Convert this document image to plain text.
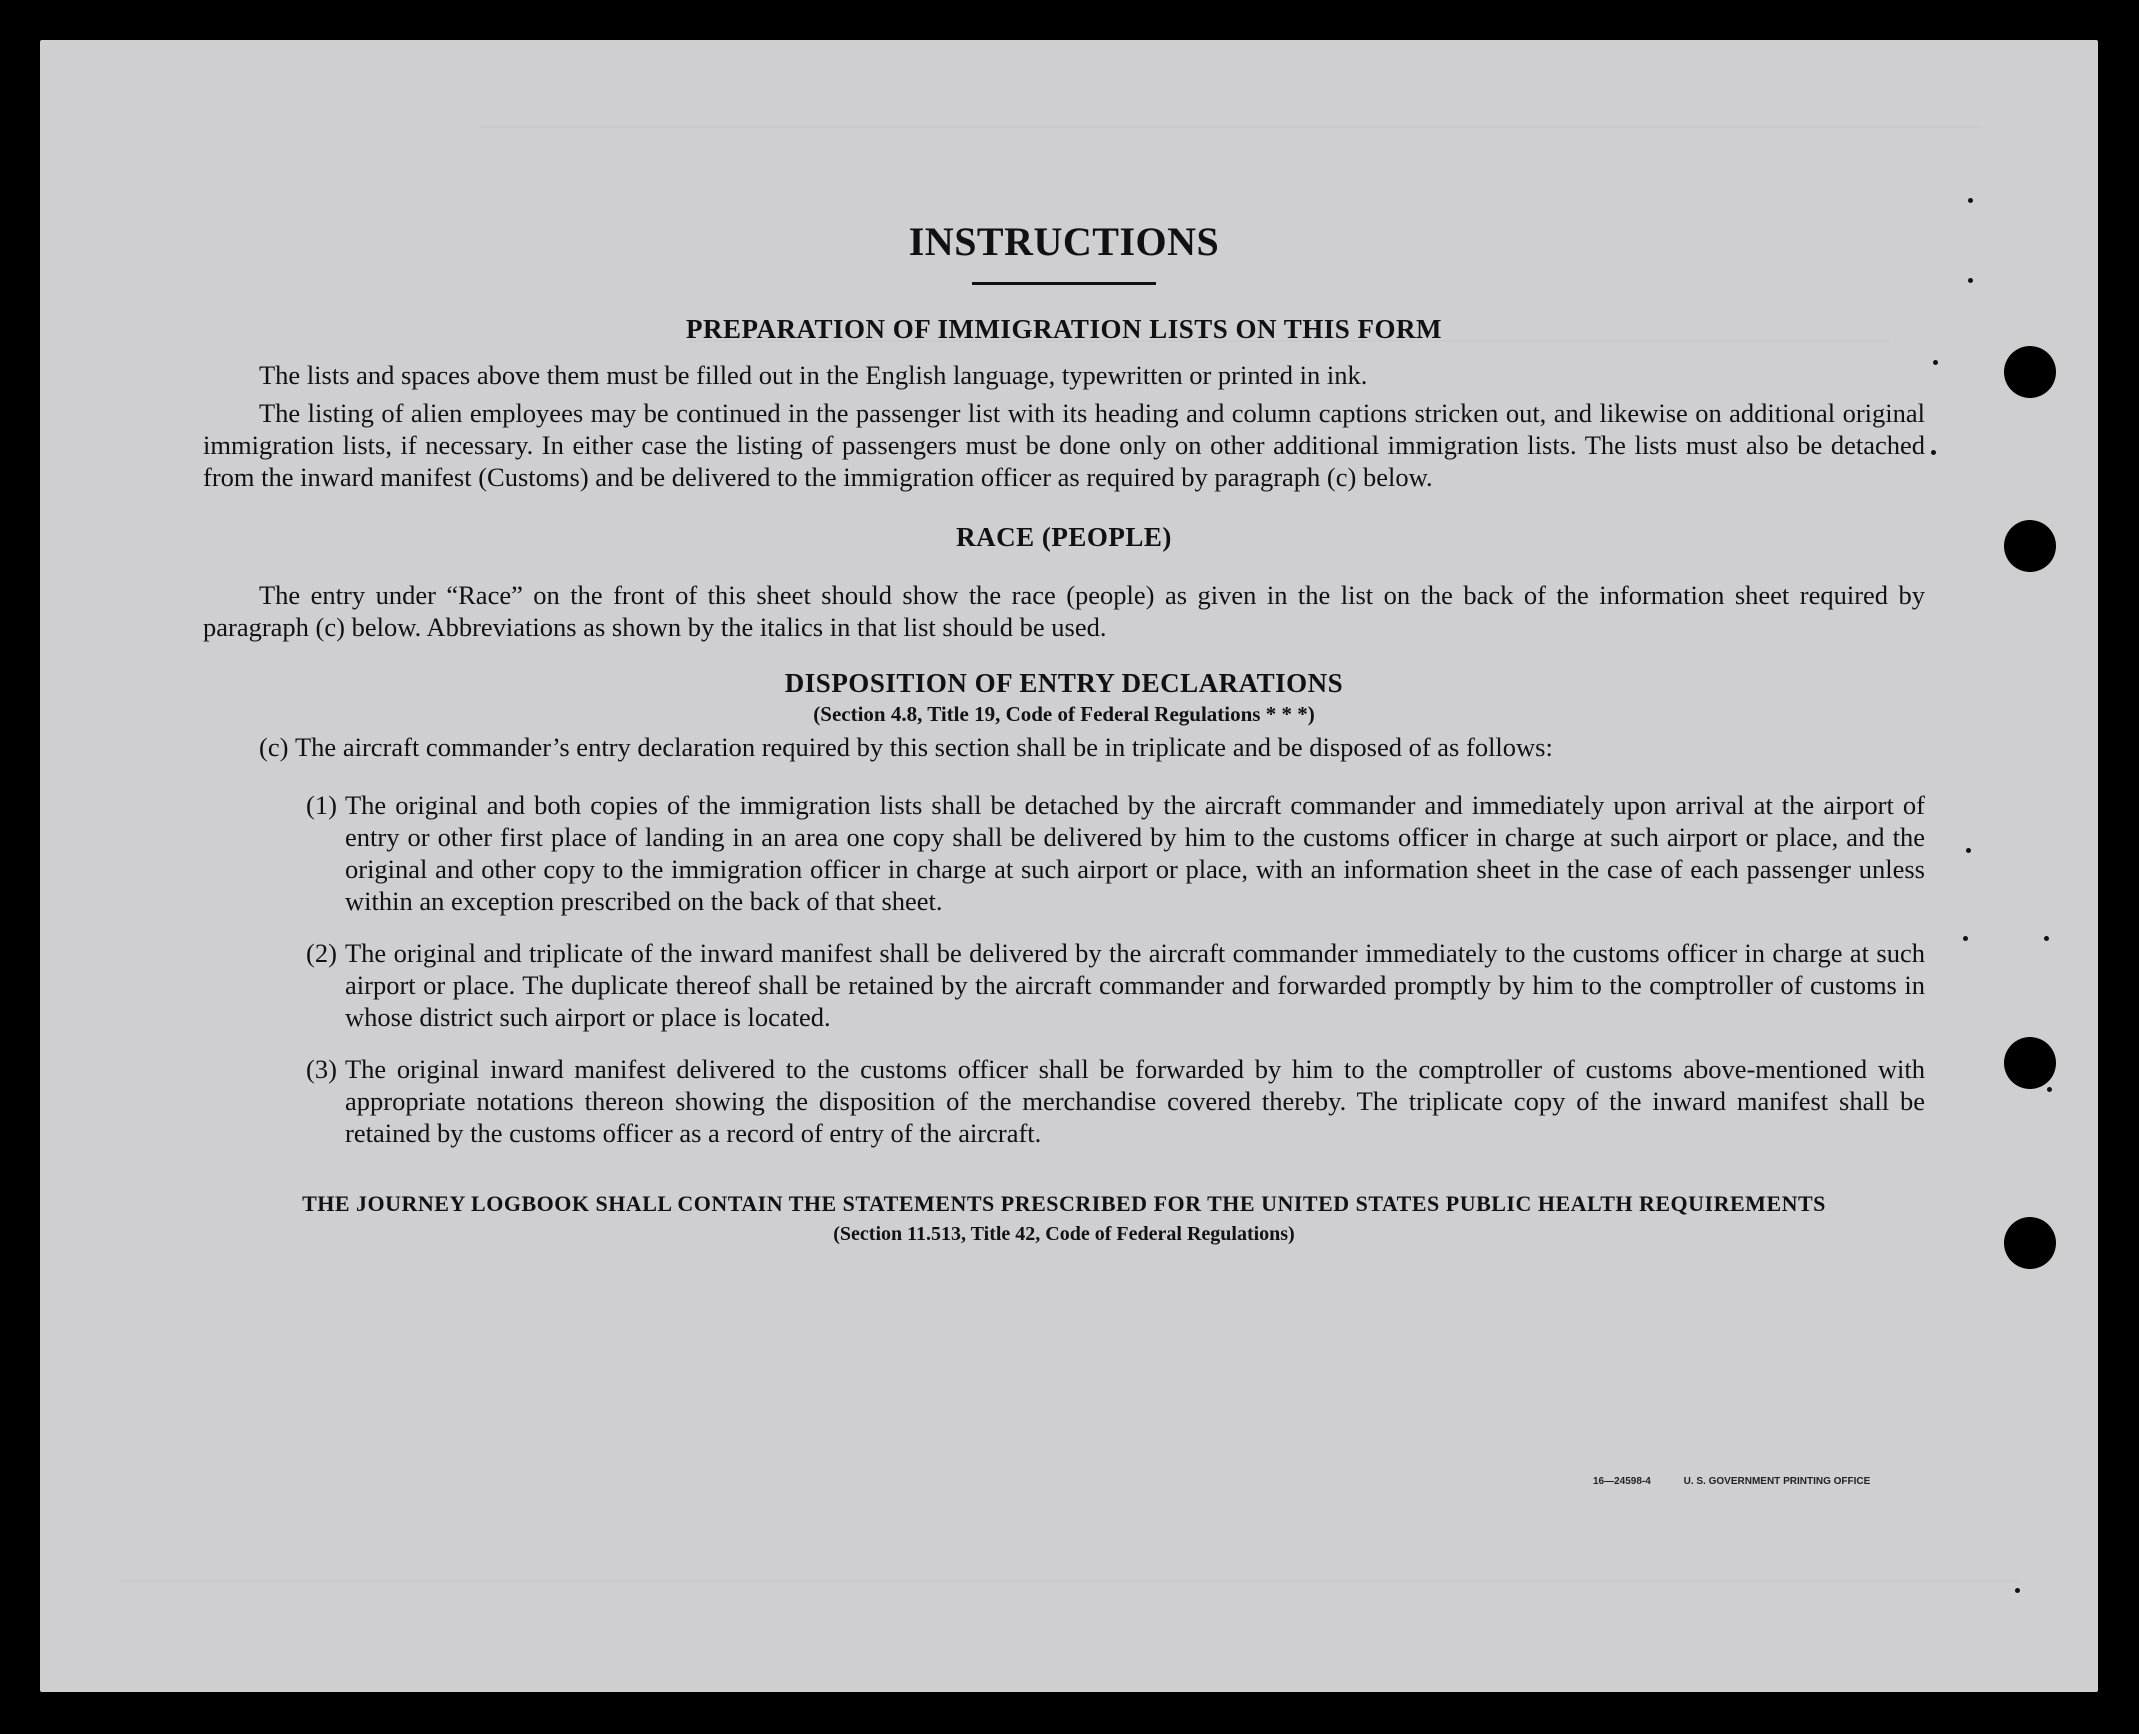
16—24598-4	U. S. GOVERNMENT PRINTING OFFICE
INSTRUCTIONS
PREPARATION OF IMMIGRATION LISTS ON THIS FORM

The lists and spaces above them must be filled out in the English language, typewritten or printed in ink.

The listing of alien employees may be continued in the passenger list with its heading and column captions stricken out, and likewise on additional original immigration lists, if necessary. In either case the listing of passengers must be done only on other additional immigration lists. The lists must also be detached from the inward manifest (Customs) and be delivered to the immigration officer as required by paragraph (c) below.

RACE (PEOPLE)

The entry under “Race” on the front of this sheet should show the race (people) as given in the list on the back of the information sheet required by paragraph (c) below. Abbreviations as shown by the italics in that list should be used.

DISPOSITION OF ENTRY DECLARATIONS
(Section 4.8, Title 19, Code of Federal Regulations * * *)
(c) The aircraft commander’s entry declaration required by this section shall be in triplicate and be disposed of as follows:
(1) The original and both copies of the immigration lists shall be detached by the aircraft commander and immediately upon arrival at the airport of entry or other first place of landing in an area one copy shall be delivered by him to the customs officer in charge at such airport or place, and the original and other copy to the immigration officer in charge at such airport or place, with an information sheet in the case of each passenger unless within an exception prescribed on the back of that sheet.
(2) The original and triplicate of the inward manifest shall be delivered by the aircraft commander immediately to the customs officer in charge at such airport or place. The duplicate thereof shall be retained by the aircraft commander and forwarded promptly by him to the comptroller of customs in whose district such airport or place is located.
(3) The original inward manifest delivered to the customs officer shall be forwarded by him to the comptroller of customs above-mentioned with appropriate notations thereon showing the disposition of the merchandise covered thereby. The triplicate copy of the inward manifest shall be retained by the customs officer as a record of entry of the aircraft.
THE JOURNEY LOGBOOK SHALL CONTAIN THE STATEMENTS PRESCRIBED FOR THE UNITED STATES PUBLIC HEALTH REQUIREMENTS
(Section 11.513, Title 42, Code of Federal Regulations)
